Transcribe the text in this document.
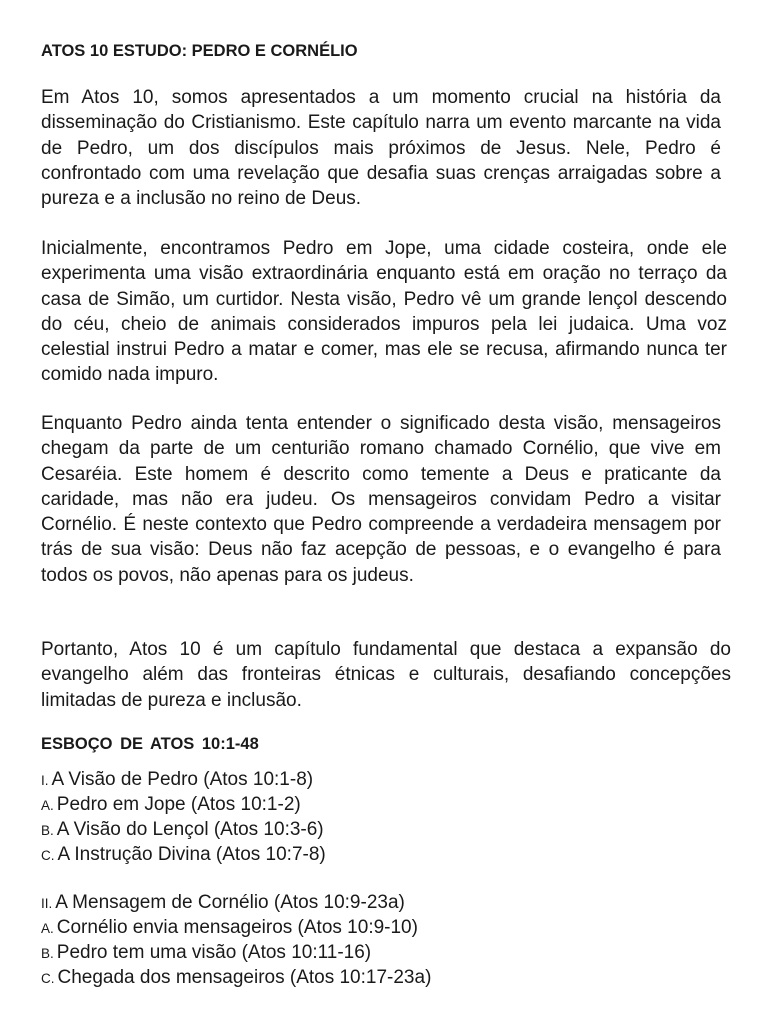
ATOS 10 ESTUDO: PEDRO E CORNÉLIO

Em Atos 10, somos apresentados a um momento crucial na história da disseminação do Cristianismo. Este capítulo narra um evento marcante na vida de Pedro, um dos discípulos mais próximos de Jesus. Nele, Pedro é confrontado com uma revelação que desafia suas crenças arraigadas sobre a pureza e a inclusão no reino de Deus.

Inicialmente, encontramos Pedro em Jope, uma cidade costeira, onde ele experimenta uma visão extraordinária enquanto está em oração no terraço da casa de Simão, um curtidor. Nesta visão, Pedro vê um grande lençol descendo do céu, cheio de animais considerados impuros pela lei judaica. Uma voz celestial instrui Pedro a matar e comer, mas ele se recusa, afirmando nunca ter comido nada impuro.

Enquanto Pedro ainda tenta entender o significado desta visão, mensageiros chegam da parte de um centurião romano chamado Cornélio, que vive em Cesaréia. Este homem é descrito como temente a Deus e praticante da caridade, mas não era judeu. Os mensageiros convidam Pedro a visitar Cornélio. É neste contexto que Pedro compreende a verdadeira mensagem por trás de sua visão: Deus não faz acepção de pessoas, e o evangelho é para todos os povos, não apenas para os judeus.

Portanto, Atos 10 é um capítulo fundamental que destaca a expansão do evangelho além das fronteiras étnicas e culturais, desafiando concepções limitadas de pureza e inclusão.

ESBOÇO DE ATOS 10:1-48
I. A Visão de Pedro (Atos 10:1-8)
A. Pedro em Jope (Atos 10:1-2)
B. A Visão do Lençol (Atos 10:3-6)
C. A Instrução Divina (Atos 10:7-8)
II. A Mensagem de Cornélio (Atos 10:9-23a)
A. Cornélio envia mensageiros (Atos 10:9-10)
B. Pedro tem uma visão (Atos 10:11-16)
C. Chegada dos mensageiros (Atos 10:17-23a)
